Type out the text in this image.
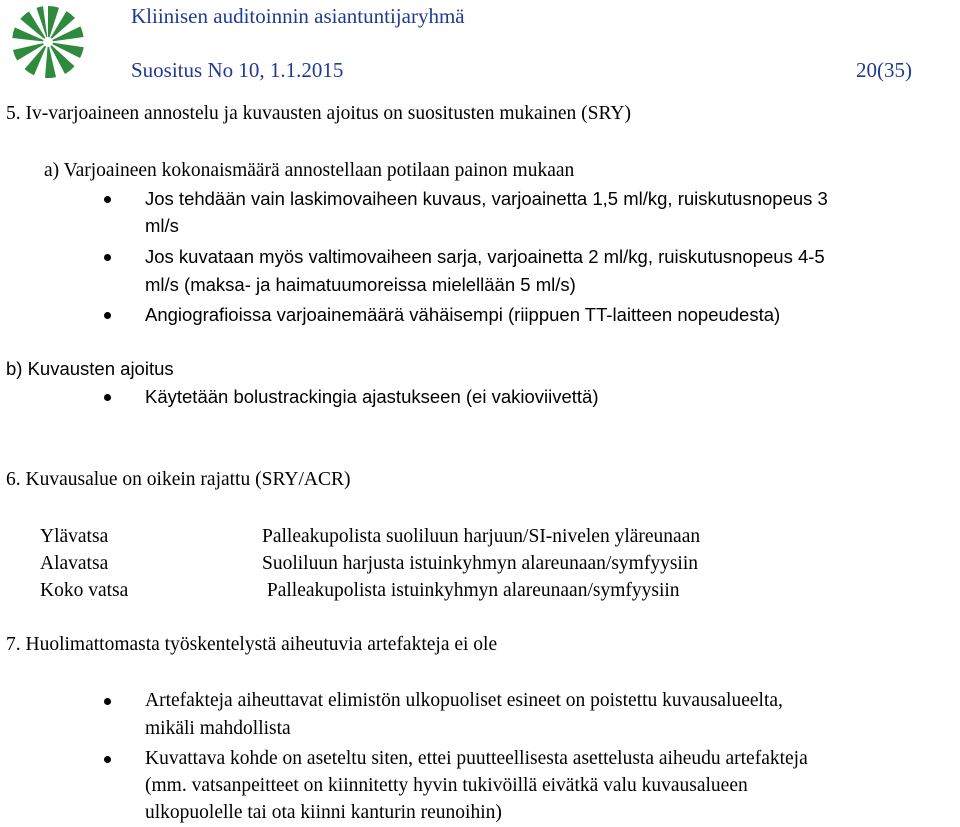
Kliinisen auditoinnin asiantuntijaryhmä
Suositus No 10, 1.1.2015	20(35)
5. Iv-varjoaineen annostelu ja kuvausten ajoitus on suositusten mukainen (SRY)
a) Varjoaineen kokonaismäärä annostellaan potilaan painon mukaan
Jos tehdään vain laskimovaiheen kuvaus, varjoainetta 1,5 ml/kg, ruiskutusnopeus 3
ml/s
Jos kuvataan myös valtimovaiheen sarja, varjoainetta 2 ml/kg, ruiskutusnopeus 4-5
ml/s (maksa- ja haimatuumoreissa mielellään 5 ml/s)
Angiografioissa varjoainemäärä vähäisempi (riippuen TT-laitteen nopeudesta)
b) Kuvausten ajoitus
Käytetään bolustrackingia ajastukseen (ei vakioviivettä)
6. Kuvausalue on oikein rajattu (SRY/ACR)
Ylävatsa	Palleakupolista suoliluun harjuun/SI-nivelen yläreunaan
Alavatsa	Suoliluun harjusta istuinkyhmyn alareunaan/symfyysiin
Koko vatsa	Palleakupolista istuinkyhmyn alareunaan/symfyysiin
7. Huolimattomasta työskentelystä aiheutuvia artefakteja ei ole
Artefakteja aiheuttavat elimistön ulkopuoliset esineet on poistettu kuvausalueelta,
mikäli mahdollista
Kuvattava kohde on aseteltu siten, ettei puutteellisesta asettelusta aiheudu artefakteja
(mm. vatsanpeitteet on kiinnitetty hyvin tukivöillä eivätkä valu kuvausalueen
ulkopuolelle tai ota kiinni kanturin reunoihin)
